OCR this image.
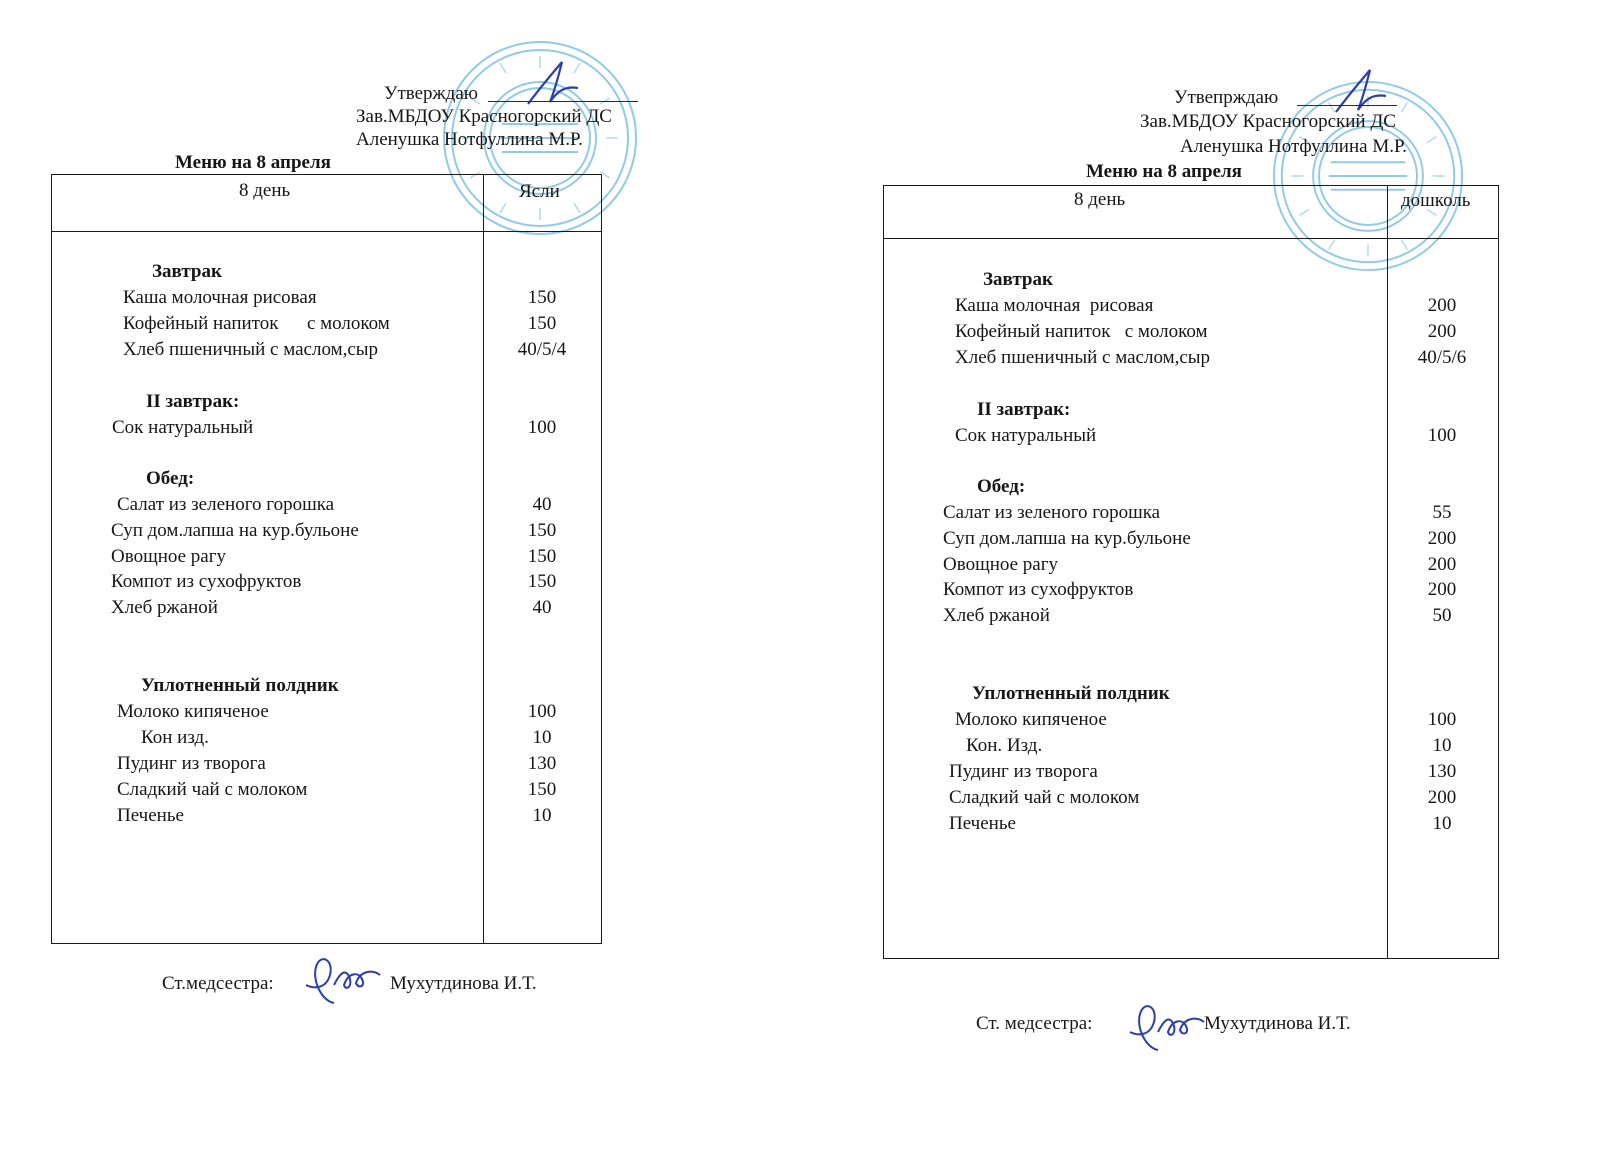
Утверждаю
Зав.МБДОУ Красногорский ДС
Аленушка Нотфуллина М.Р.
Меню на 8 апреля
8 день	Ясли
Завтрак
Каша молочная рисовая	150
Кофейный напиток      с молоком	150
Хлеб пшеничный с маслом,сыр	40/5/4
II завтрак:
Сок натуральный	100
Обед:
Салат из зеленого горошка	40
Суп дом.лапша на кур.бульоне	150
Овощное рагу	150
Компот из сухофруктов	150
Хлеб ржаной	40
Уплотненный полдник
Молоко кипяченое	100
Кон изд.	10
Пудинг из творога	130
Сладкий чай с молоком	150
Печенье	10
Ст.медсестра:	Мухутдинова И.Т.
Утвепрждаю
Зав.МБДОУ Красногорский ДС
Аленушка Нотфуллина М.Р.
Меню на 8 апреля
8 день	дошколь
Завтрак
Каша молочная  рисовая	200
Кофейный напиток   с молоком	200
Хлеб пшеничный с маслом,сыр	40/5/6
II завтрак:
Сок натуральный	100
Обед:
Салат из зеленого горошка	55
Суп дом.лапша на кур.бульоне	200
Овощное рагу	200
Компот из сухофруктов	200
Хлеб ржаной	50
Уплотненный полдник
Молоко кипяченое	100
Кон. Изд.	10
Пудинг из творога	130
Сладкий чай с молоком	200
Печенье	10
Ст. медсестра:	Мухутдинова И.Т.
